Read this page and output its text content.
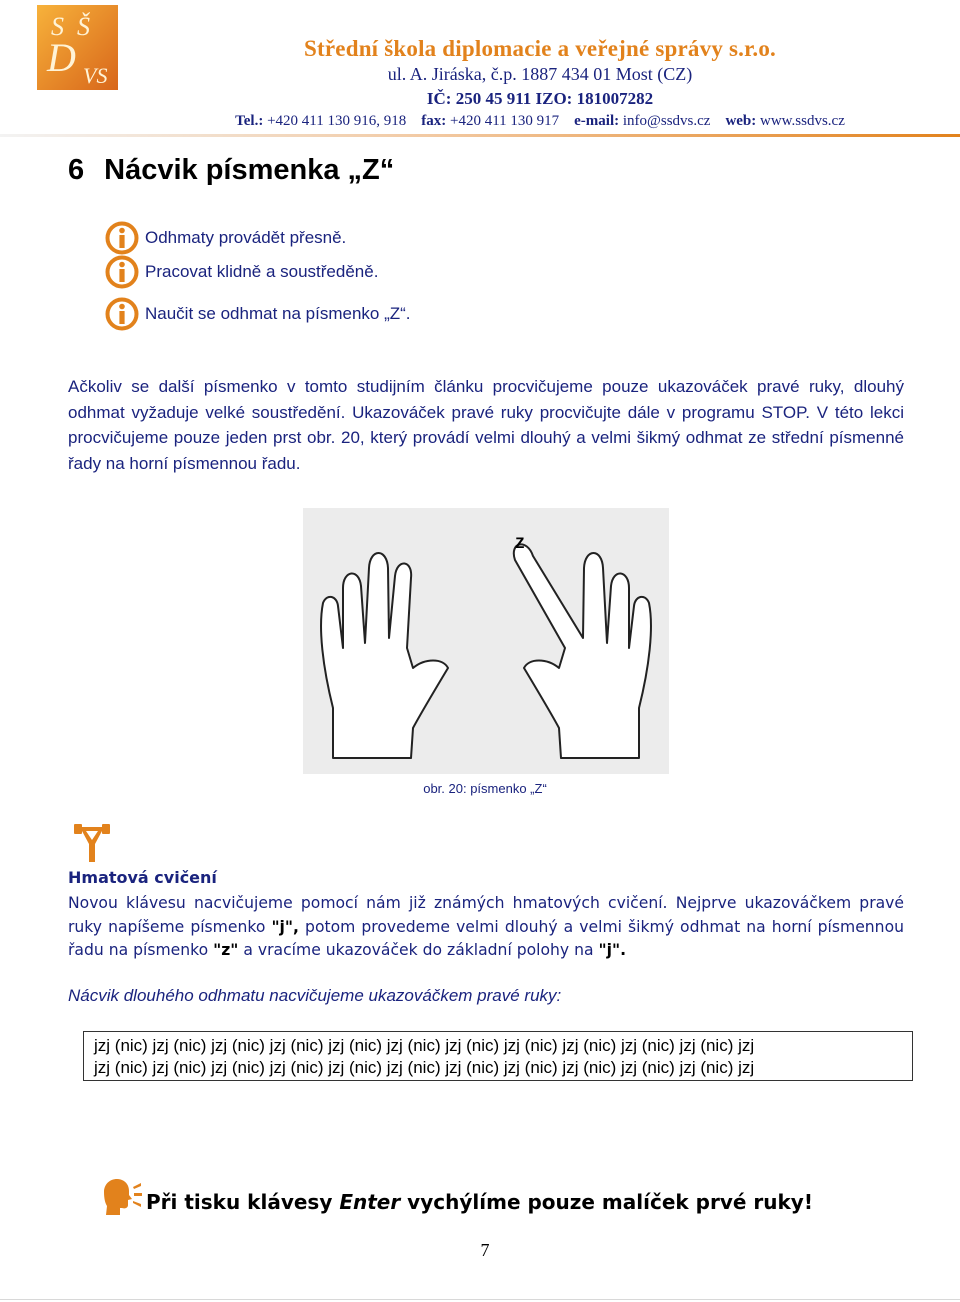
S Š
D VS
Střední škola diplomacie a veřejné správy s.r.o.
ul. A. Jiráska, č.p. 1887 434 01 Most (CZ)
IČ: 250 45 911 IZO: 181007282
Tel.: +420 411 130 916, 918 fax: +420 411 130 917 e-mail: info@ssdvs.cz web: www.ssdvs.cz
6 Nácvik písmenka „Z“
Odhmaty provádět přesně.
Pracovat klidně a soustředěně.
Naučit se odhmat na písmenko „Z“.
Ačkoliv se další písmenko v tomto studijním článku procvičujeme pouze ukazováček pravé ruky, dlouhý odhmat vyžaduje velké soustředění. Ukazováček pravé ruky procvičujte dále v programu STOP. V této lekci procvičujeme pouze jeden prst obr. 20, který provádí velmi dlouhý a velmi šikmý odhmat ze střední písmenné řady na horní písmennou řadu.
Z
obr. 20: písmenko „Z“
Hmatová cvičení
Novou klávesu nacvičujeme pomocí nám již známých hmatových cvičení. Nejprve ukazováčkem pravé ruky napíšeme písmenko "j", potom provedeme velmi dlouhý a velmi šikmý odhmat na horní písmennou řadu na písmenko "z" a vracíme ukazováček do základní polohy na "j".
Nácvik dlouhého odhmatu nacvičujeme ukazováčkem pravé ruky:
jzj (nic) jzj (nic) jzj (nic) jzj (nic) jzj (nic) jzj (nic) jzj (nic) jzj (nic) jzj (nic) jzj (nic) jzj (nic) jzj
jzj (nic) jzj (nic) jzj (nic) jzj (nic) jzj (nic) jzj (nic) jzj (nic) jzj (nic) jzj (nic) jzj (nic) jzj (nic) jzj
Při tisku klávesy Enter vychýlíme pouze malíček prvé ruky!
7
